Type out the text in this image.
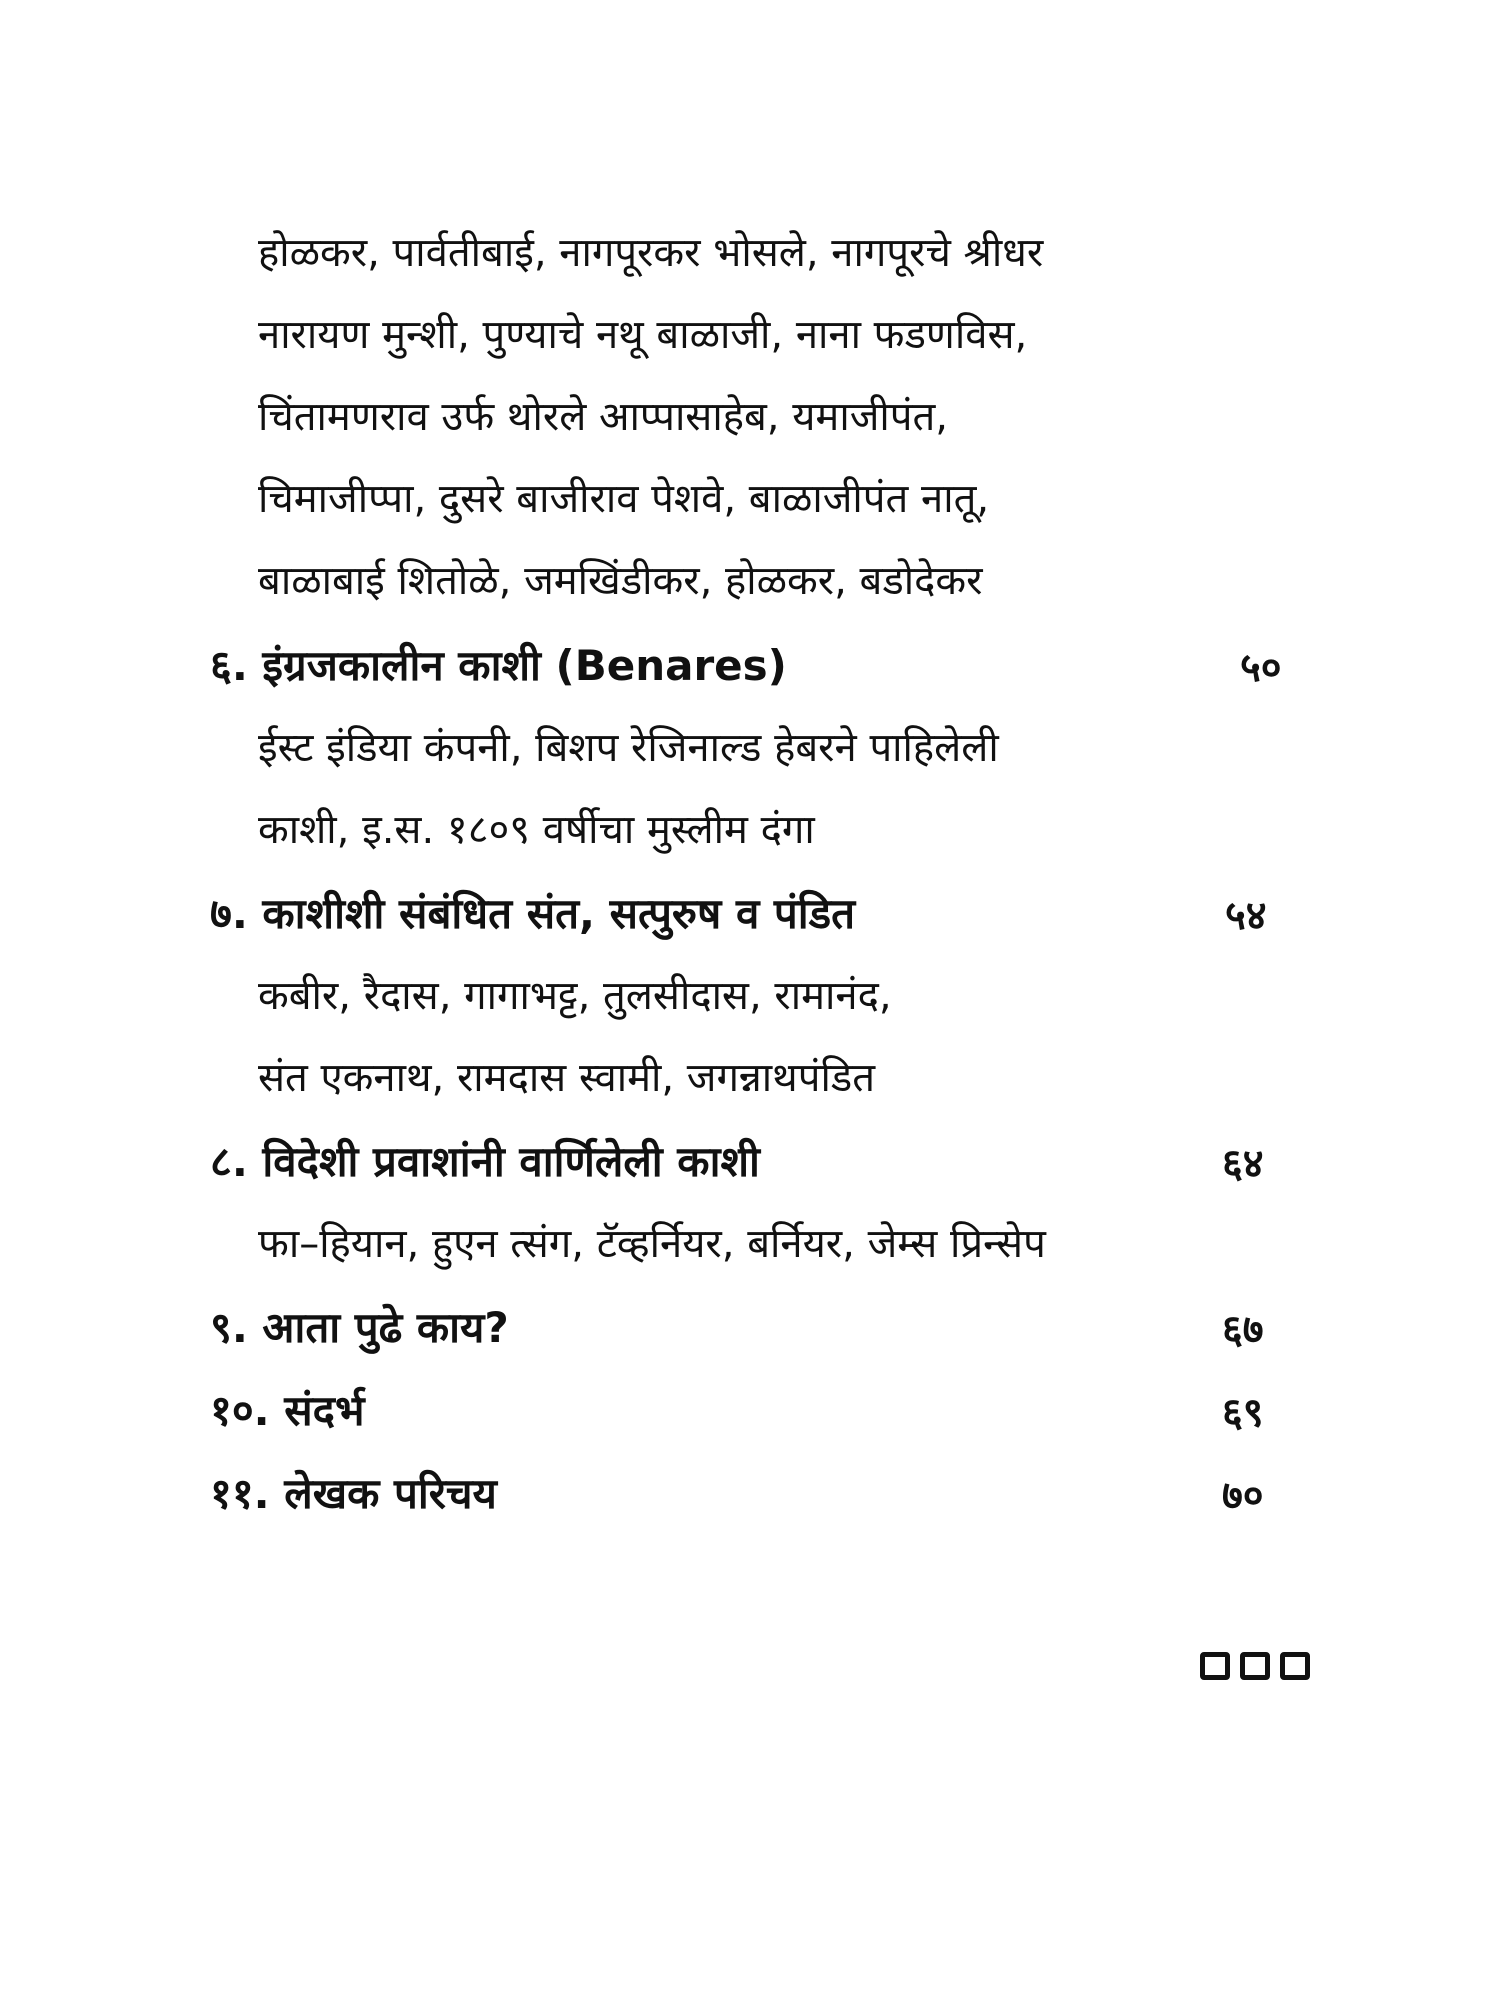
होळकर, पार्वतीबाई, नागपूरकर भोसले, नागपूरचे श्रीधर
नारायण मुन्शी, पुण्याचे नथू बाळाजी, नाना फडणविस,
चिंतामणराव उर्फ थोरले आप्पासाहेब, यमाजीपंत,
चिमाजीप्पा, दुसरे बाजीराव पेशवे, बाळाजीपंत नातू,
बाळाबाई शितोळे, जमखिंडीकर, होळकर, बडोदेकर
६. इंग्रजकालीन काशी (Benares)	५०
ईस्ट इंडिया कंपनी, बिशप रेजिनाल्ड हेबरने पाहिलेली
काशी, इ.स. १८०९ वर्षीचा मुस्लीम दंगा
७. काशीशी संबंधित संत, सत्पुरुष व पंडित	५४
कबीर, रैदास, गागाभट्ट, तुलसीदास, रामानंद,
संत एकनाथ, रामदास स्वामी, जगन्नाथपंडित
८. विदेशी प्रवाशांनी वार्णिलेली काशी	६४
फा–हियान, हुएन त्संग, टॅव्हर्नियर, बर्नियर, जेम्स प्रिन्सेप
९. आता पुढे काय?	६७
१०. संदर्भ	६९
११. लेखक परिचय	७०
